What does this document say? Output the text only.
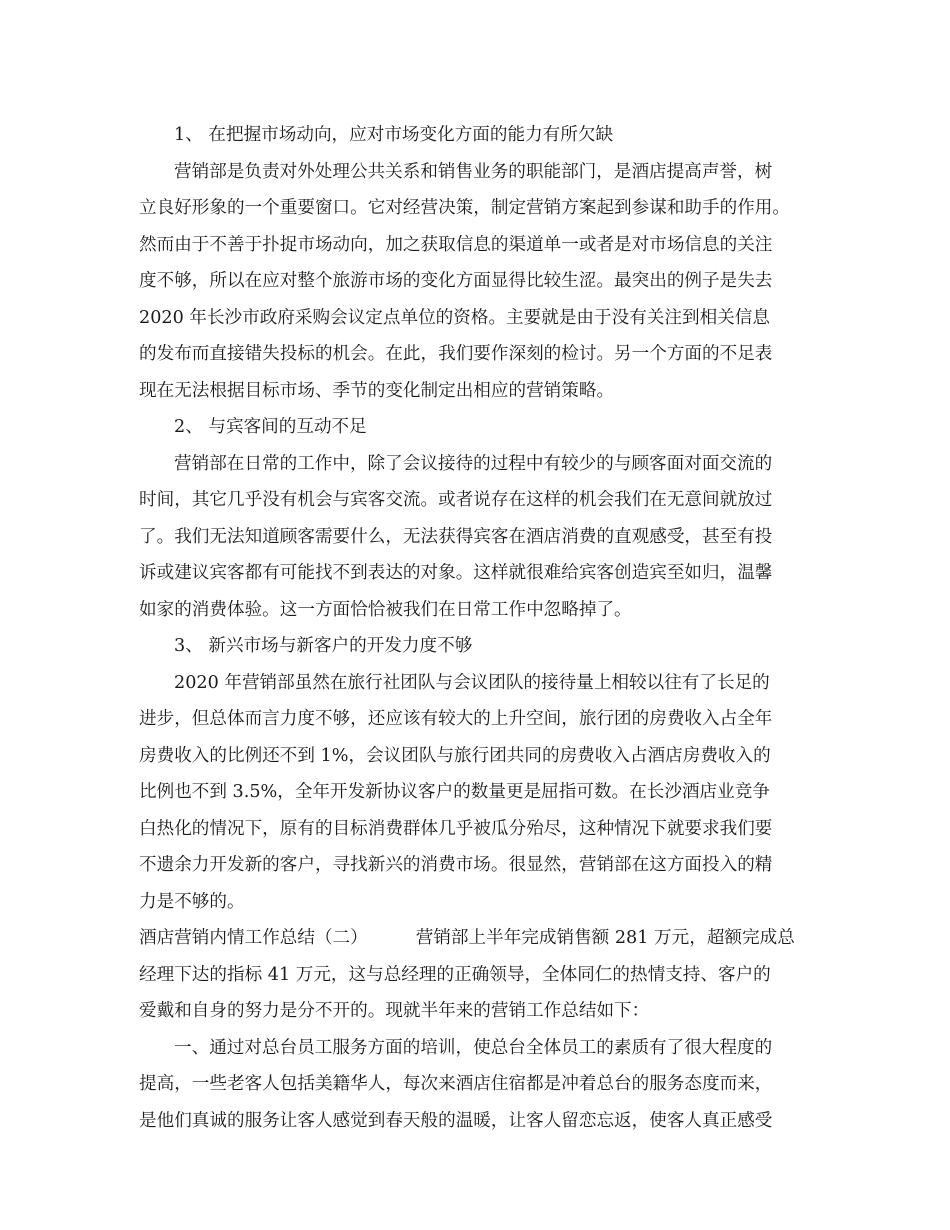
1、 在把握市场动向，应对市场变化方面的能力有所欠缺
营销部是负责对外处理公共关系和销售业务的职能部门，是酒店提高声誉，树
立良好形象的一个重要窗口。它对经营决策，制定营销方案起到参谋和助手的作用。
然而由于不善于扑捉市场动向，加之获取信息的渠道单一或者是对市场信息的关注
度不够，所以在应对整个旅游市场的变化方面显得比较生涩。最突出的例子是失去
2020 年长沙市政府采购会议定点单位的资格。主要就是由于没有关注到相关信息
的发布而直接错失投标的机会。在此，我们要作深刻的检讨。另一个方面的不足表
现在无法根据目标市场、季节的变化制定出相应的营销策略。
2、 与宾客间的互动不足
营销部在日常的工作中，除了会议接待的过程中有较少的与顾客面对面交流的
时间，其它几乎没有机会与宾客交流。或者说存在这样的机会我们在无意间就放过
了。我们无法知道顾客需要什么，无法获得宾客在酒店消费的直观感受，甚至有投
诉或建议宾客都有可能找不到表达的对象。这样就很难给宾客创造宾至如归，温馨
如家的消费体验。这一方面恰恰被我们在日常工作中忽略掉了。
3、 新兴市场与新客户的开发力度不够
2020 年营销部虽然在旅行社团队与会议团队的接待量上相较以往有了长足的
进步，但总体而言力度不够，还应该有较大的上升空间，旅行团的房费收入占全年
房费收入的比例还不到 1%，会议团队与旅行团共同的房费收入占酒店房费收入的
比例也不到 3.5%，全年开发新协议客户的数量更是屈指可数。在长沙酒店业竞争
白热化的情况下，原有的目标消费群体几乎被瓜分殆尽，这种情况下就要求我们要
不遗余力开发新的客户，寻找新兴的消费市场。很显然，营销部在这方面投入的精
力是不够的。
酒店营销内情工作总结（二）	营销部上半年完成销售额 281 万元，超额完成总
经理下达的指标 41 万元，这与总经理的正确领导，全体同仁的热情支持、客户的
爱戴和自身的努力是分不开的。现就半年来的营销工作总结如下：
一、通过对总台员工服务方面的培训，使总台全体员工的素质有了很大程度的
提高，一些老客人包括美籍华人，每次来酒店住宿都是冲着总台的服务态度而来，
是他们真诚的服务让客人感觉到春天般的温暖，让客人留恋忘返，使客人真正感受
